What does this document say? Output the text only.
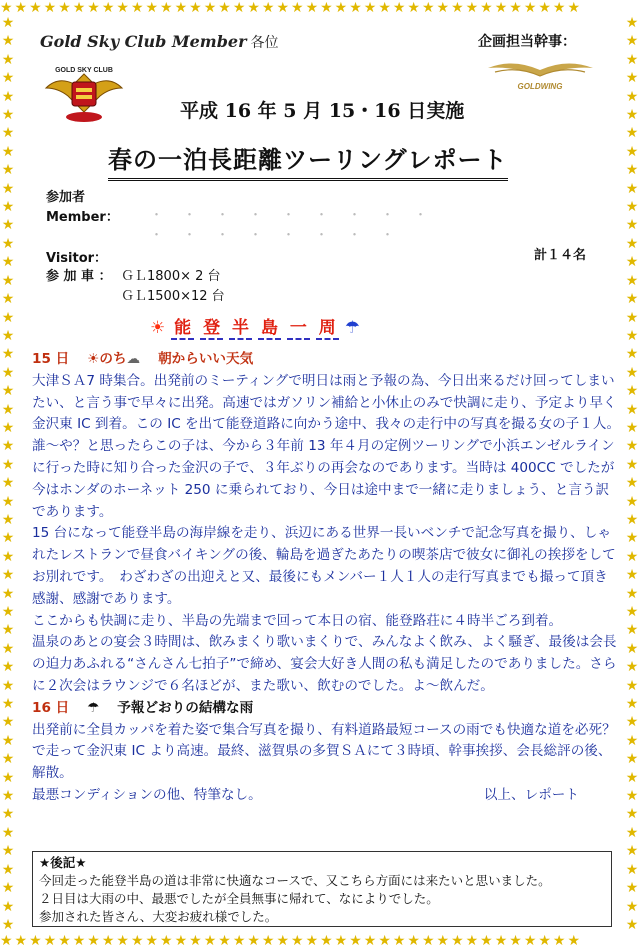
★★★★★★★★★★★★★★★★★★★★★★★★★★★★★★★★★★★★★★★★
★★★★★★★★★★★★★★★★★★★★★★★★★★★★★★★★★★★★★★★★
★
★
★
★
★
★
★
★
★
★
★
★
★
★
★
★
★
★
★
★
★
★
★
★
★
★
★
★
★
★
★
★
★
★
★
★
★
★
★
★
★
★
★
★
★
★
★
★
★
★
★
★
★
★
★
★
★
★
★
★
★
★
★
★
★
★
★
★
★
★
★
★
★
★
★
★
★
★
★
★
★
★
★
★
★
★
★
★
★
★
★
★
★
★
★
★
★
★
★
★
Gold Sky Club Member 各位	企画担当幹事：
GOLDWING
GOLD SKY CLUB
平成 16 年 5 月 15・16 日実施
春の一泊長距離ツーリングレポート
参加者
Member： ・・・・・・・・・
・・・・・・・・
Visitor：	計１４名
参 加 車 ： ＧＬ1800× 2 台
ＧＬ1500×12 台
☀ 能 登 半 島 一 周 ☂

15 日　 ☀のち☁　 朝からいい天気

大津ＳＡ7 時集合。出発前のミーティングで明日は雨と予報の為、今日出来るだけ回ってしまいたい、と言う事で早々に出発。高速ではガソリン補給と小休止のみで快調に走り、予定より早く金沢東 IC 到着。この IC を出て能登道路に向かう途中、我々の走行中の写真を撮る女の子１人。　誰〜や？と思ったらこの子は、今から３年前 13 年４月の定例ツーリングで小浜エンゼルラインに行った時に知り合った金沢の子で、３年ぶりの再会なのであります。当時は 400CC でしたが今はホンダのホーネット 250 に乗られており、今日は途中まで一緒に走りましょう、と言う訳であります。

15 台になって能登半島の海岸線を走り、浜辺にある世界一長いベンチで記念写真を撮り、しゃれたレストランで昼食バイキングの後、輪島を過ぎたあたりの喫茶店で彼女に御礼の挨拶をしてお別れです。　わざわざの出迎えと又、最後にもメンバー１人１人の走行写真までも撮って頂き感謝、感謝であります。

ここからも快調に走り、半島の先端まで回って本日の宿、能登路荘に４時半ごろ到着。

温泉のあとの宴会３時間は、飲みまくり歌いまくりで、みんなよく飲み、よく騒ぎ、最後は会長の迫力あふれる“さんさん七拍子”で締め、宴会大好き人間の私も満足したのでありました。さらに２次会はラウンジで６名ほどが、また歌い、飲むのでした。よ〜飲んだ。

16 日　 ☂　 予報どおりの結構な雨

出発前に全員カッパを着た姿で集合写真を撮り、有料道路最短コースの雨でも快適な道を必死？で走って金沢東 IC より高速。最終、滋賀県の多賀ＳＡにて３時頃、幹事挨拶、会長総評の後、解散。

最悪コンディションの他、特筆なし。	以上、レポート

★後記★
今回走った能登半島の道は非常に快適なコースで、又こちら方面には来たいと思いました。
２日目は大雨の中、最悪でしたが全員無事に帰れて、なによりでした。
参加された皆さん、大変お疲れ様でした。
